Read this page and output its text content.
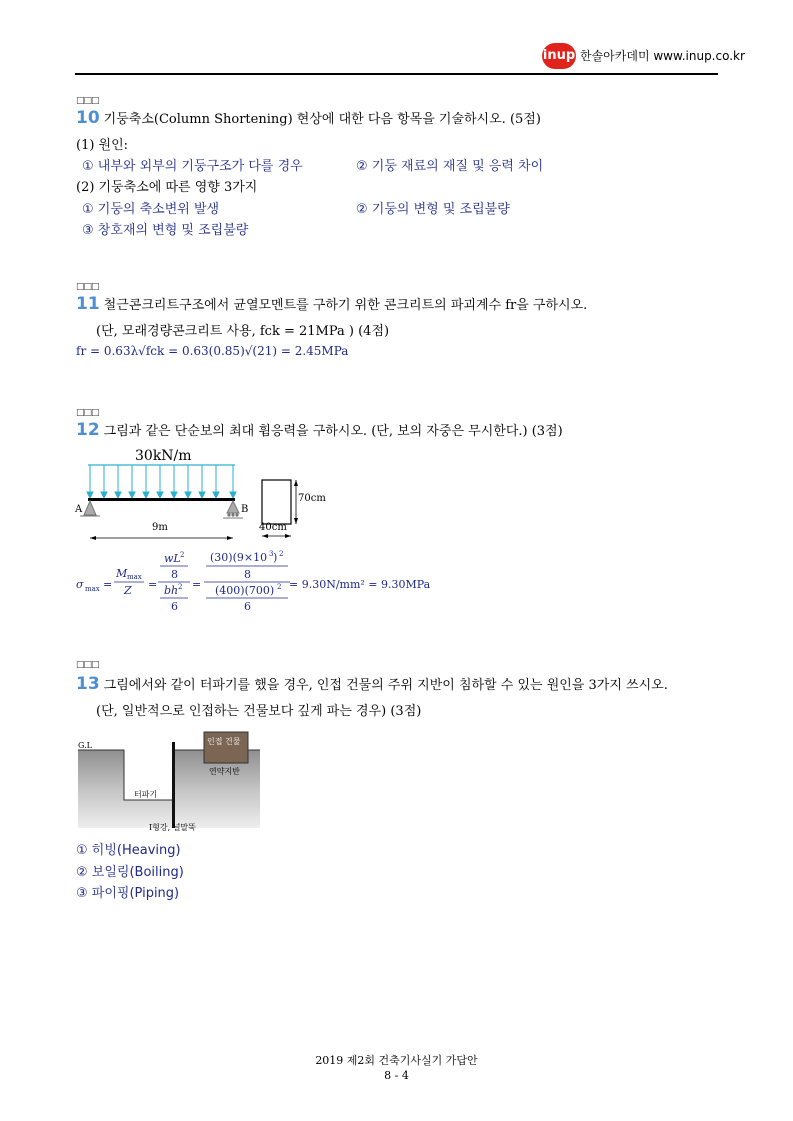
inup 한솔아카데미 www.inup.co.kr
□□□
10 기둥축소(Column Shortening) 현상에 대한 다음 항목을 기술하시오. (5점)
(1) 원인:
① 내부와 외부의 기둥구조가 다를 경우	② 기둥 재료의 재질 및 응력 차이
(2) 기둥축소에 따른 영향 3가지
① 기둥의 축소변위 발생	② 기둥의 변형 및 조립불량
③ 창호재의 변형 및 조립불량
□□□
11 철근콘크리트구조에서 균열모멘트를 구하기 위한 콘크리트의 파괴계수 fr을 구하시오.
(단, 모래경량콘크리트 사용, fck = 21MPa ) (4점)
fr = 0.63λ√fck = 0.63(0.85)√(21) = 2.45MPa
□□□
12 그림과 같은 단순보의 최대 휨응력을 구하시오. (단, 보의 자중은 무시한다.) (3점)
30kN/m
A	B
9m
70cm
40cm
σ max =
M max
Z =
wL 2
8
bh 2
6
=
(30)(9×10 3 ) 2
8
(400)(700) 2
6
= 9.30N/mm² = 9.30MPa
□□□
13 그림에서와 같이 터파기를 했을 경우, 인접 건물의 주위 지반이 침하할 수 있는 원인을 3가지 쓰시오.
(단, 일반적으로 인접하는 건물보다 깊게 파는 경우) (3점)
G.L	인접 건물
연약지반
터파기
I형강, 널말뚝
① 히빙(Heaving)
② 보일링(Boiling)
③ 파이핑(Piping)
2019 제2회 건축기사실기 가답안
8 - 4
